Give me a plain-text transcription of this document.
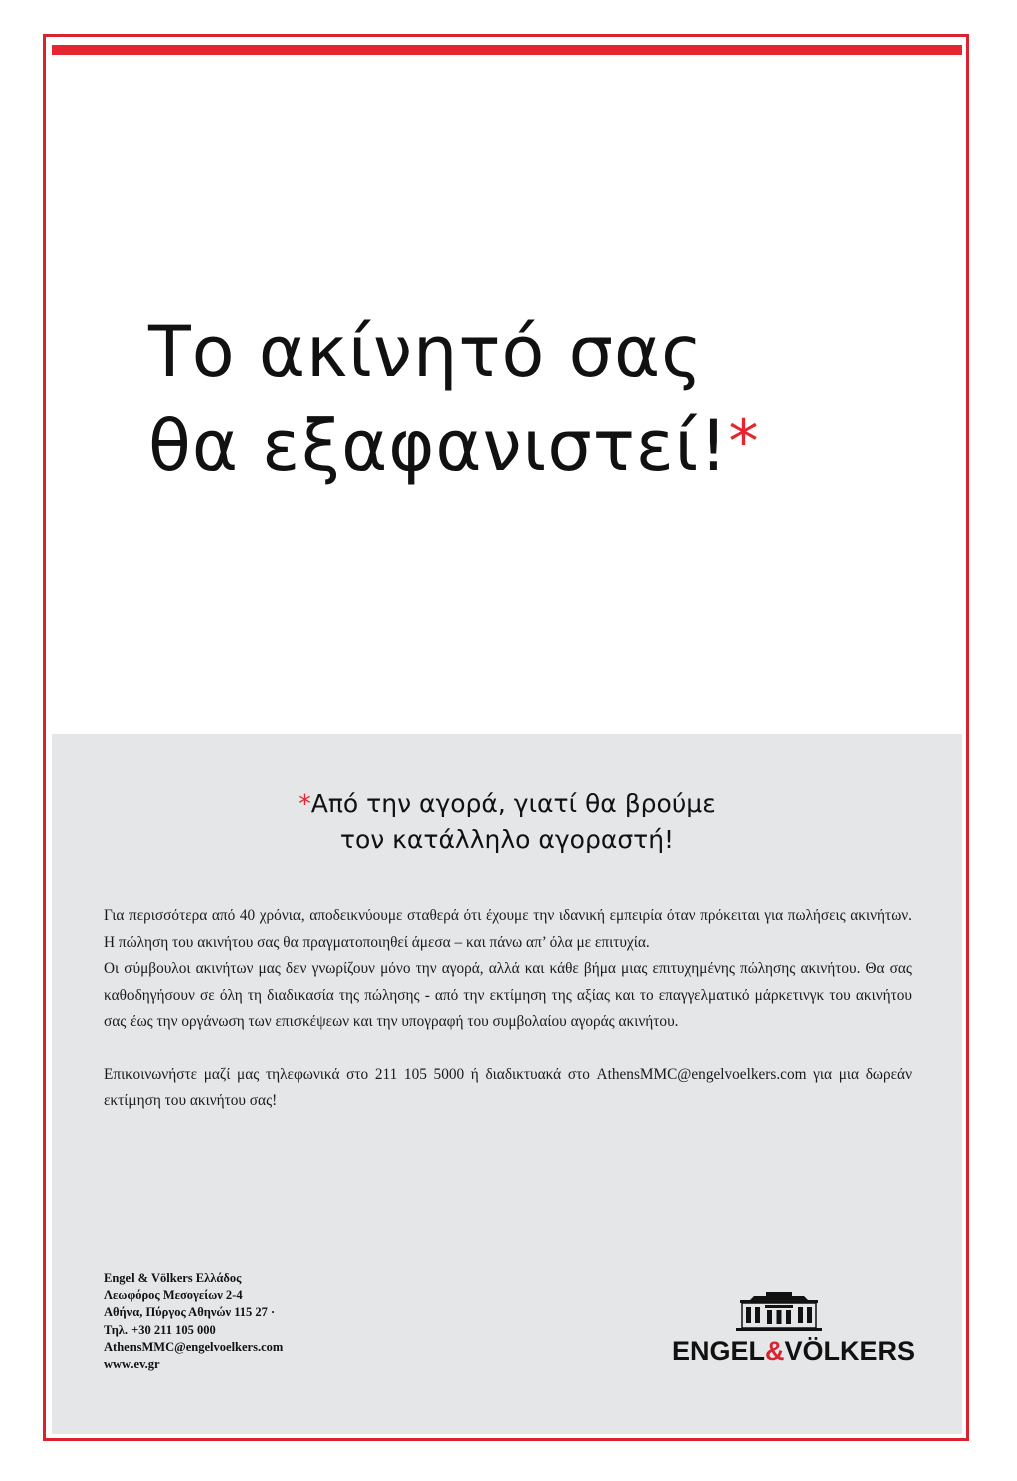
Το ακίνητό σας
θα εξαφανιστεί!*
*Από την αγορά, γιατί θα βρούμε
τον κατάλληλο αγοραστή!

Για περισσότερα από 40 χρόνια, αποδεικνύουμε σταθερά ότι έχουμε την ιδανική εμπειρία όταν πρόκειται για πωλήσεις ακινήτων. Η πώληση του ακινήτου σας θα πραγματοποιηθεί άμεσα – και πάνω απ’ όλα με επιτυχία.

Οι σύμβουλοι ακινήτων μας δεν γνωρίζουν μόνο την αγορά, αλλά και κάθε βήμα μιας επιτυχημένης πώλησης ακινήτου. Θα σας καθοδηγήσουν σε όλη τη διαδικασία της πώλησης - από την εκτίμηση της αξίας και το επαγγελματικό μάρκετινγκ του ακινήτου σας έως την οργάνωση των επισκέψεων και την υπογραφή του συμβολαίου αγοράς ακινήτου.

Επικοινωνήστε μαζί μας τηλεφωνικά στο 211 105 5000 ή διαδικτυακά στο AthensMMC@engelvoelkers.com για μια δωρεάν εκτίμηση του ακινήτου σας!

Engel & Völkers Ελλάδος
Λεωφόρος Μεσογείων 2-4
Αθήνα, Πύργος Αθηνών 115 27 ·
Τηλ. +30 211 105 000
AthensMMC@engelvoelkers.com
www.ev.gr	ENGEL&VÖLKERS
